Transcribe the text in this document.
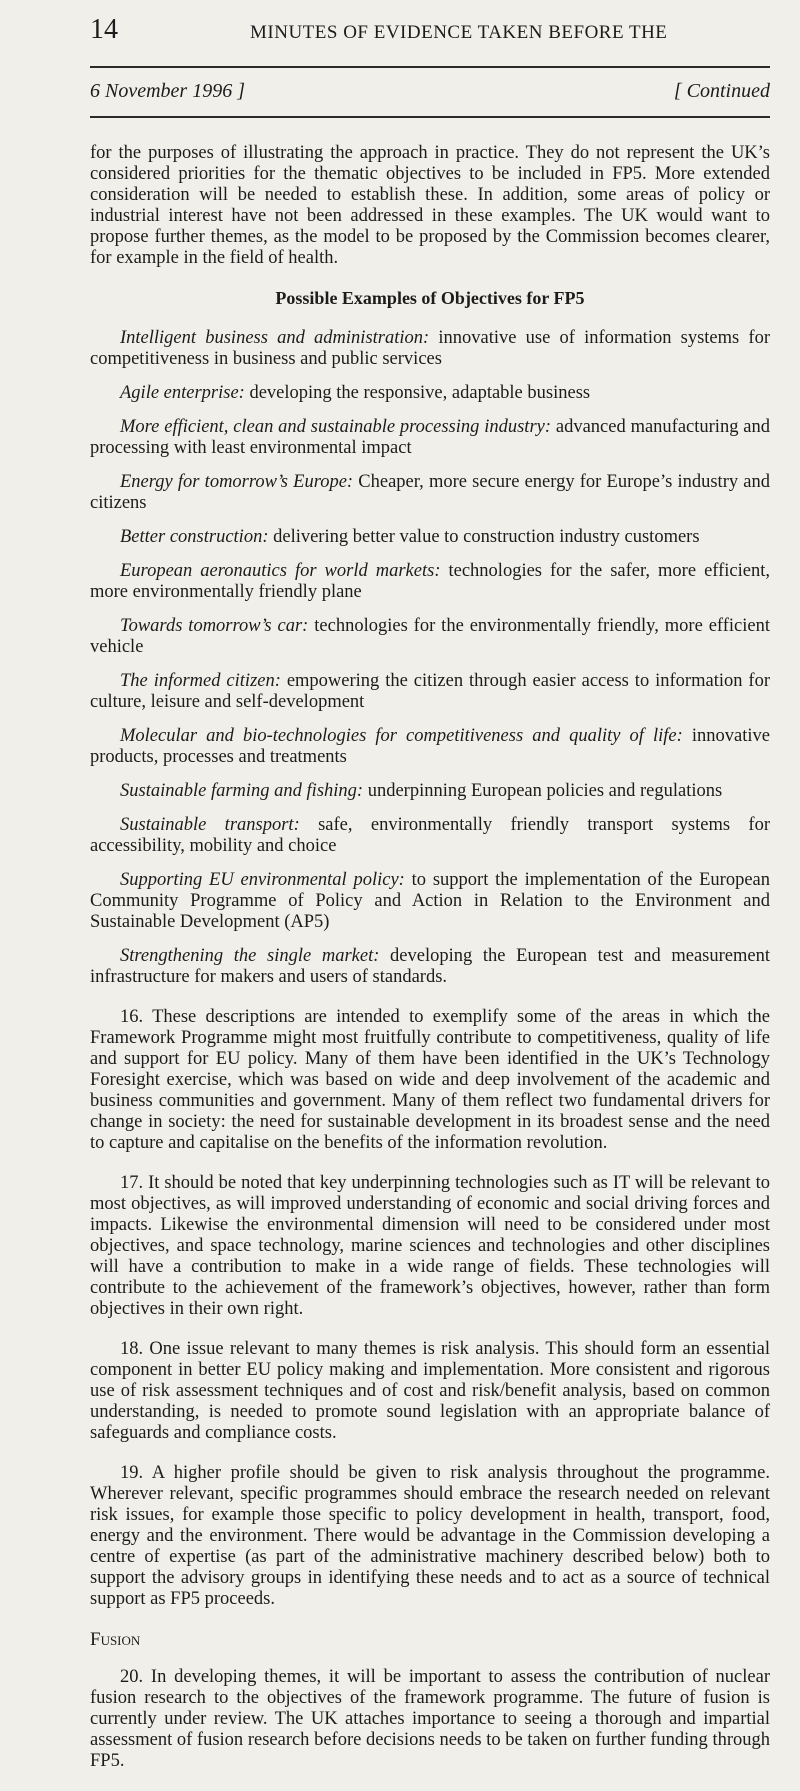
14	MINUTES OF EVIDENCE TAKEN BEFORE THE
6 November 1996 ]	[ Continued

for the purposes of illustrating the approach in practice. They do not represent the UK’s considered priorities for the thematic objectives to be included in FP5. More extended consideration will be needed to establish these. In addition, some areas of policy or industrial interest have not been addressed in these examples. The UK would want to propose further themes, as the model to be proposed by the Commission becomes clearer, for example in the field of health.

Possible Examples of Objectives for FP5
Intelligent business and administration: innovative use of information systems for competitiveness in business and public services
Agile enterprise: developing the responsive, adaptable business
More efficient, clean and sustainable processing industry: advanced manufacturing and processing with least environmental impact
Energy for tomorrow’s Europe: Cheaper, more secure energy for Europe’s industry and citizens
Better construction: delivering better value to construction industry customers
European aeronautics for world markets: technologies for the safer, more efficient, more environmentally friendly plane
Towards tomorrow’s car: technologies for the environmentally friendly, more efficient vehicle
The informed citizen: empowering the citizen through easier access to information for culture, leisure and self-development
Molecular and bio-technologies for competitiveness and quality of life: innovative products, processes and treatments
Sustainable farming and fishing: underpinning European policies and regulations
Sustainable transport: safe, environmentally friendly transport systems for accessibility, mobility and choice
Supporting EU environmental policy: to support the implementation of the European Community Programme of Policy and Action in Relation to the Environment and Sustainable Development (AP5)
Strengthening the single market: developing the European test and measurement infrastructure for makers and users of standards.

16. These descriptions are intended to exemplify some of the areas in which the Framework Programme might most fruitfully contribute to competitiveness, quality of life and support for EU policy. Many of them have been identified in the UK’s Technology Foresight exercise, which was based on wide and deep involvement of the academic and business communities and government. Many of them reflect two fundamental drivers for change in society: the need for sustainable development in its broadest sense and the need to capture and capitalise on the benefits of the information revolution.

17. It should be noted that key underpinning technologies such as IT will be relevant to most objectives, as will improved understanding of economic and social driving forces and impacts. Likewise the environmental dimension will need to be considered under most objectives, and space technology, marine sciences and technologies and other disciplines will have a contribution to make in a wide range of fields. These technologies will contribute to the achievement of the framework’s objectives, however, rather than form objectives in their own right.

18. One issue relevant to many themes is risk analysis. This should form an essential component in better EU policy making and implementation. More consistent and rigorous use of risk assessment techniques and of cost and risk/benefit analysis, based on common understanding, is needed to promote sound legislation with an appropriate balance of safeguards and compliance costs.

19. A higher profile should be given to risk analysis throughout the programme. Wherever relevant, specific programmes should embrace the research needed on relevant risk issues, for example those specific to policy development in health, transport, food, energy and the environment. There would be advantage in the Commission developing a centre of expertise (as part of the administrative machinery described below) both to support the advisory groups in identifying these needs and to act as a source of technical support as FP5 proceeds.

Fusion

20. In developing themes, it will be important to assess the contribution of nuclear fusion research to the objectives of the framework programme. The future of fusion is currently under review. The UK attaches importance to seeing a thorough and impartial assessment of fusion research before decisions needs to be taken on further funding through FP5.
